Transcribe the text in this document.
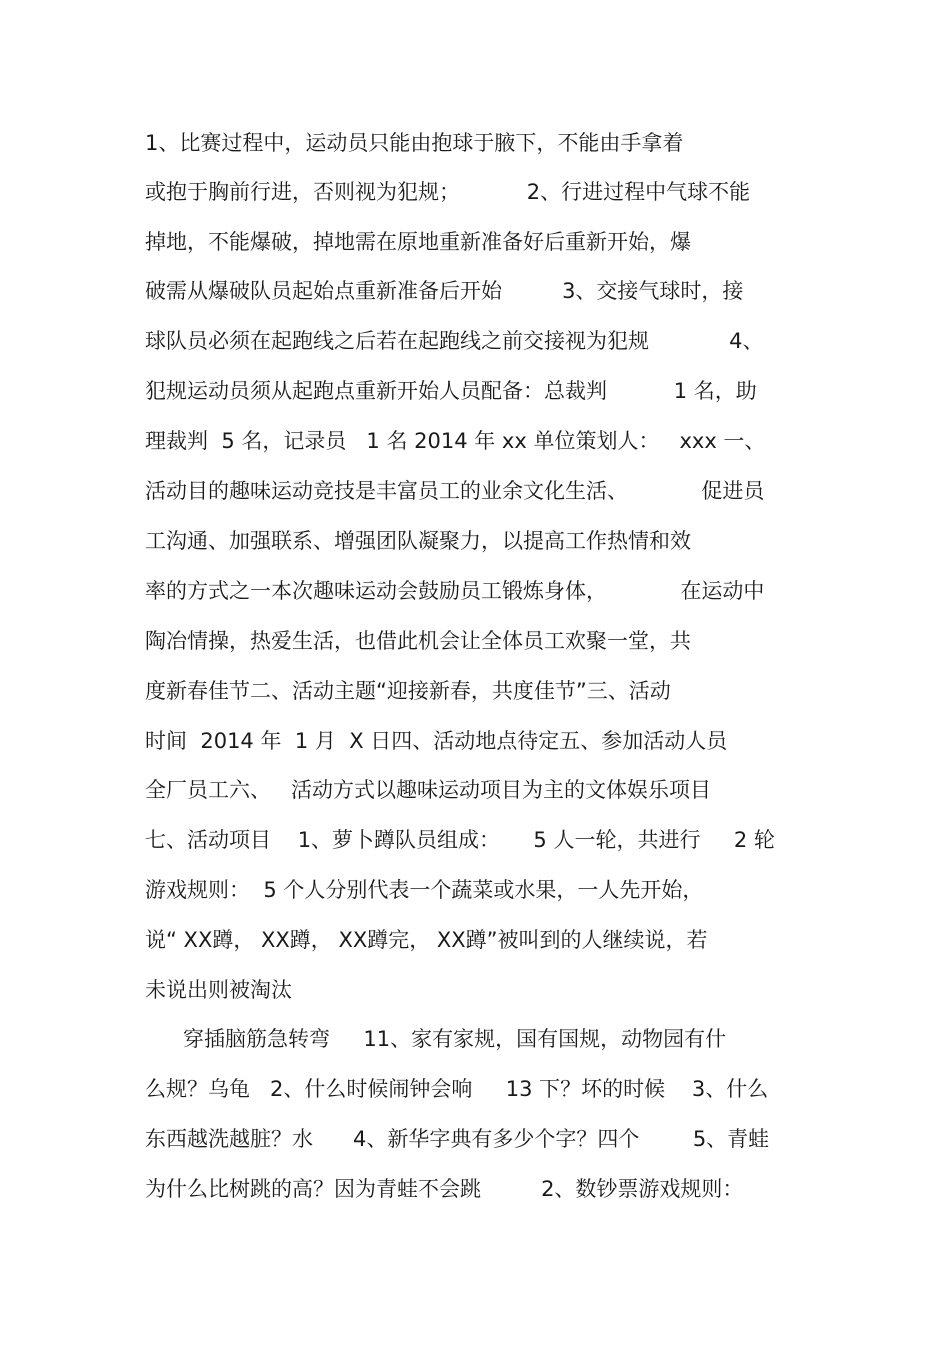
1、比赛过程中，运动员只能由抱球于腋下，不能由手拿着
或抱于胸前行进，否则视为犯规；          2、行进过程中气球不能
掉地，不能爆破，掉地需在原地重新准备好后重新开始，爆
破需从爆破队员起始点重新准备后开始         3、交接气球时，接
球队员必须在起跑线之后若在起跑线之前交接视为犯规            4、
犯规运动员须从起跑点重新开始人员配备：总裁判          1 名，助
理裁判  5 名，记录员   1 名 2014 年 xx 单位策划人：   xxx 一、
活动目的趣味运动竞技是丰富员工的业余文化生活、           促进员
工沟通、加强联系、增强团队凝聚力，以提高工作热情和效
率的方式之一本次趣味运动会鼓励员工锻炼身体，           在运动中
陶冶情操，热爱生活，也借此机会让全体员工欢聚一堂，共
度新春佳节二、活动主题“迎接新春，共度佳节”三、活动
时间  2014 年  1 月  X 日四、活动地点待定五、参加活动人员
全厂员工六、   活动方式以趣味运动项目为主的文体娱乐项目
七、活动项目    1、萝卜蹲队员组成：     5 人一轮，共进行     2 轮
游戏规则：  5 个人分别代表一个蔬菜或水果，一人先开始，
说“ XX蹲， XX蹲， XX蹲完， XX蹲”被叫到的人继续说，若
未说出则被淘汰
穿插脑筋急转弯     11、家有家规，国有国规，动物园有什
么规？乌龟   2、什么时候闹钟会响     13 下？坏的时候    3、什么
东西越洗越脏？水      4、新华字典有多少个字？四个        5、青蛙
为什么比树跳的高？因为青蛙不会跳         2、数钞票游戏规则：
